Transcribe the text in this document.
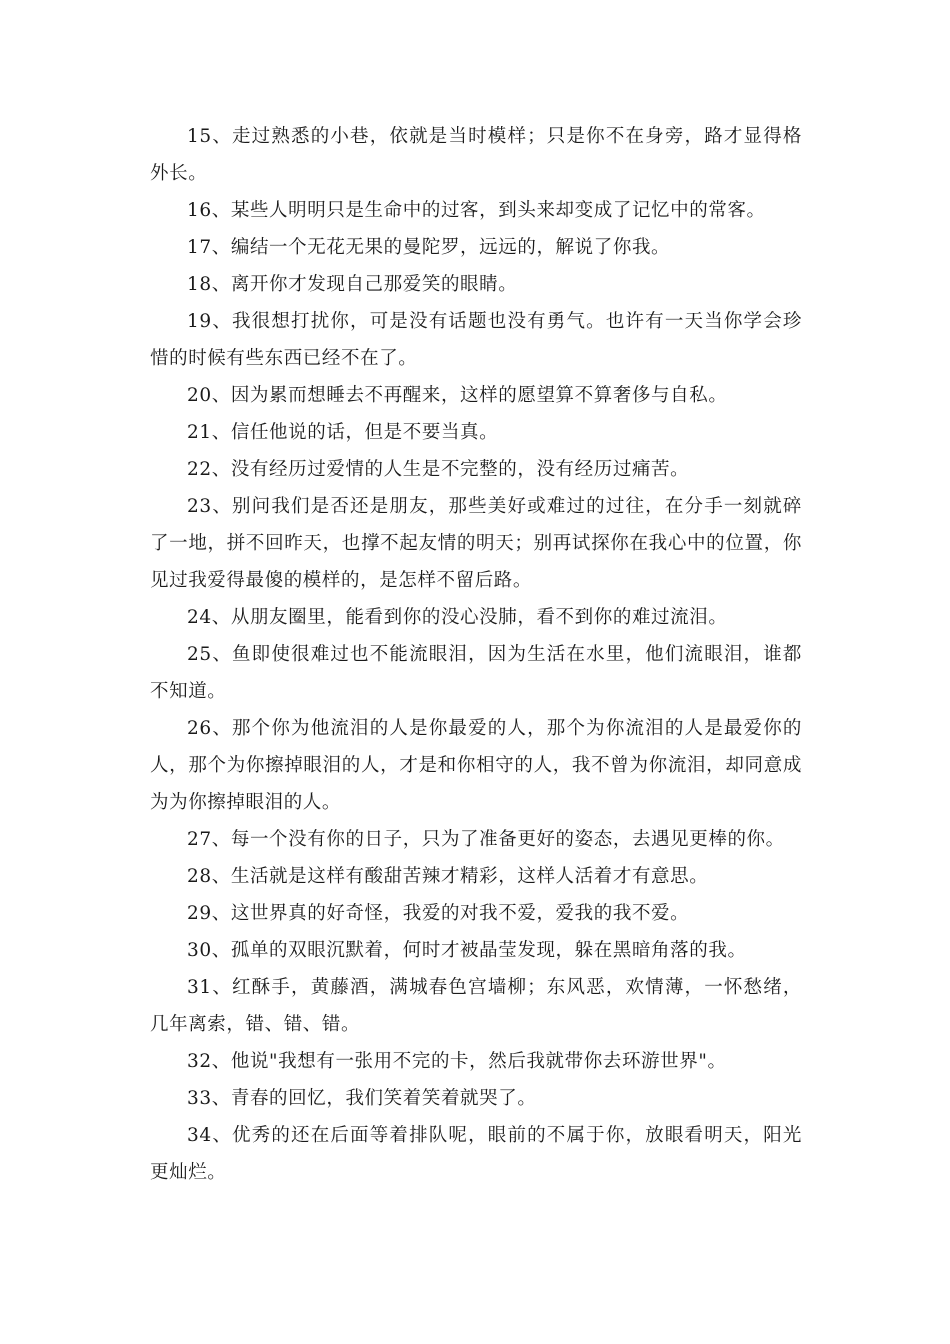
15、走过熟悉的小巷，依就是当时模样；只是你不在身旁，路才显得格外长。

16、某些人明明只是生命中的过客，到头来却变成了记忆中的常客。

17、编结一个无花无果的曼陀罗，远远的，解说了你我。

18、离开你才发现自己那爱笑的眼睛。

19、我很想打扰你，可是没有话题也没有勇气。也许有一天当你学会珍惜的时候有些东西已经不在了。

20、因为累而想睡去不再醒来，这样的愿望算不算奢侈与自私。

21、信任他说的话，但是不要当真。

22、没有经历过爱情的人生是不完整的，没有经历过痛苦。

23、别问我们是否还是朋友，那些美好或难过的过往，在分手一刻就碎了一地，拼不回昨天，也撑不起友情的明天；别再试探你在我心中的位置，你见过我爱得最傻的模样的，是怎样不留后路。

24、从朋友圈里，能看到你的没心没肺，看不到你的难过流泪。

25、鱼即使很难过也不能流眼泪，因为生活在水里，他们流眼泪，谁都不知道。

26、那个你为他流泪的人是你最爱的人，那个为你流泪的人是最爱你的人，那个为你擦掉眼泪的人，才是和你相守的人，我不曾为你流泪，却同意成为为你擦掉眼泪的人。

27、每一个没有你的日子，只为了准备更好的姿态，去遇见更棒的你。

28、生活就是这样有酸甜苦辣才精彩，这样人活着才有意思。

29、这世界真的好奇怪，我爱的对我不爱，爱我的我不爱。

30、孤单的双眼沉默着，何时才被晶莹发现，躲在黑暗角落的我。

31、红酥手，黄藤酒，满城春色宫墙柳；东风恶，欢情薄，一怀愁绪，几年离索，错、错、错。

32、他说"我想有一张用不完的卡，然后我就带你去环游世界"。

33、青春的回忆，我们笑着笑着就哭了。

34、优秀的还在后面等着排队呢，眼前的不属于你，放眼看明天，阳光更灿烂。
